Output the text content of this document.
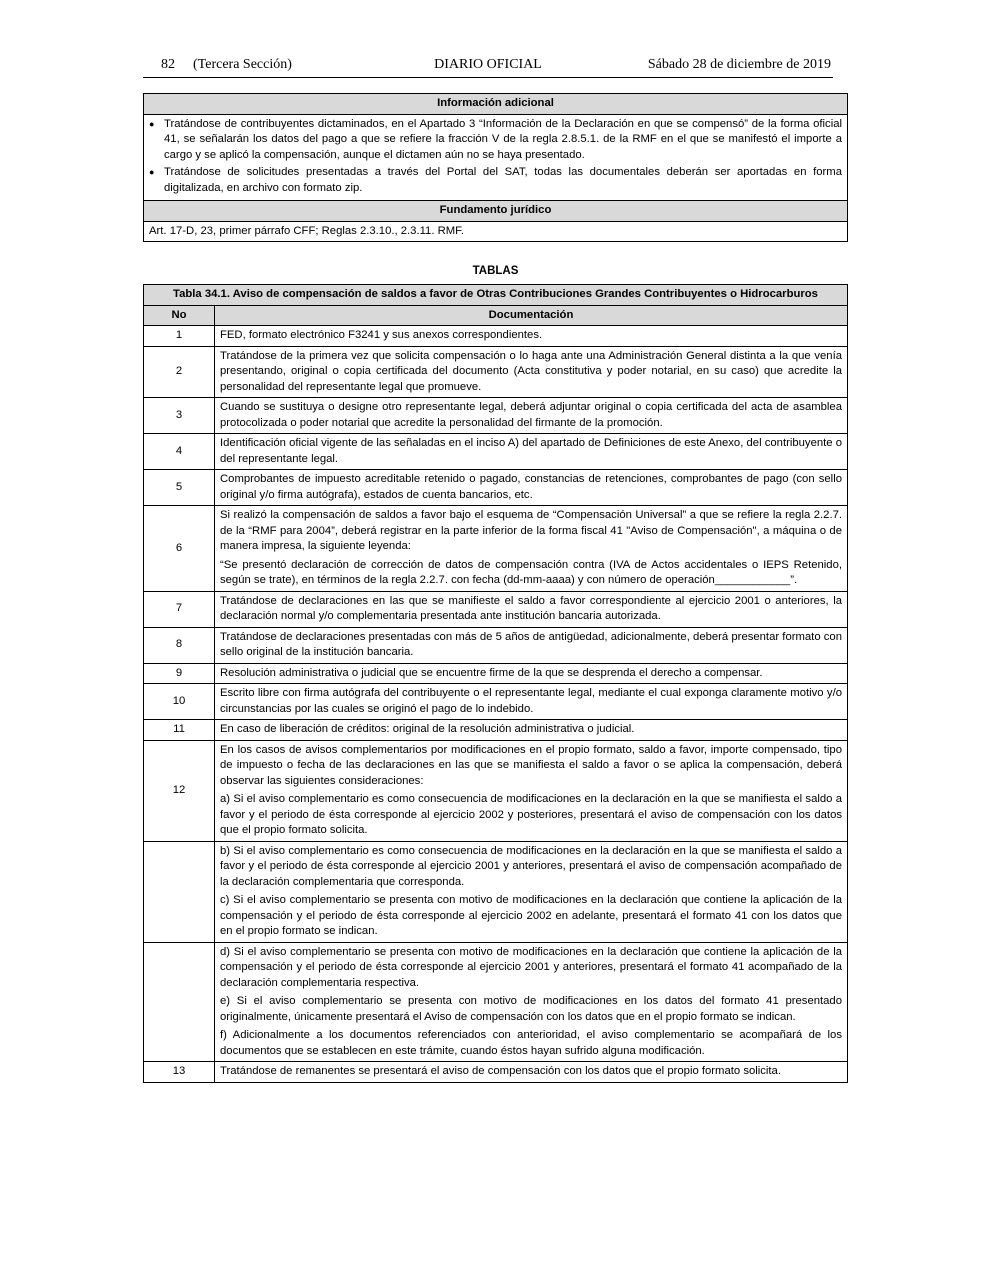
82 (Tercera Sección)	DIARIO OFICIAL	Sábado 28 de diciembre de 2019
Información adicional

● Tratándose de contribuyentes dictaminados, en el Apartado 3 “Información de la Declaración en que se compensó” de la forma oficial 41, se señalarán los datos del pago a que se refiere la fracción V de la regla 2.8.5.1. de la RMF en el que se manifestó el importe a cargo y se aplicó la compensación, aunque el dictamen aún no se haya presentado.
● Tratándose de solicitudes presentadas a través del Portal del SAT, todas las documentales deberán ser aportadas en forma digitalizada, en archivo con formato zip.

Fundamento jurídico
Art. 17-D, 23, primer párrafo CFF; Reglas 2.3.10., 2.3.11. RMF.
TABLAS
Tabla 34.1. Aviso de compensación de saldos a favor de Otras Contribuciones Grandes Contribuyentes o Hidrocarburos	
No	Documentación
1	FED, formato electrónico F3241 y sus anexos correspondientes.

2	Tratándose de la primera vez que solicita compensación o lo haga ante una Administración General distinta a la que venía presentando, original o copia certificada del documento (Acta constitutiva y poder notarial, en su caso) que acredite la personalidad del representante legal que promueve.

3	Cuando se sustituya o designe otro representante legal, deberá adjuntar original o copia certificada del acta de asamblea protocolizada o poder notarial que acredite la personalidad del firmante de la promoción.

4	Identificación oficial vigente de las señaladas en el inciso A) del apartado de Definiciones de este Anexo, del contribuyente o del representante legal.

5	Comprobantes de impuesto acreditable retenido o pagado, constancias de retenciones, comprobantes de pago (con sello original y/o firma autógrafa), estados de cuenta bancarios, etc.

6	Si realizó la compensación de saldos a favor bajo el esquema de “Compensación Universal” a que se refiere la regla 2.2.7. de la “RMF para 2004”, deberá registrar en la parte inferior de la forma fiscal 41 "Aviso de Compensación", a máquina o de manera impresa, la siguiente leyenda:

“Se presentó declaración de corrección de datos de compensación contra (IVA de Actos accidentales o IEPS Retenido, según se trate), en términos de la regla 2.2.7. con fecha (dd-mm-aaaa) y con número de operación____________”.

7	Tratándose de declaraciones en las que se manifieste el saldo a favor correspondiente al ejercicio 2001 o anteriores, la declaración normal y/o complementaria presentada ante institución bancaria autorizada.

8	Tratándose de declaraciones presentadas con más de 5 años de antigüedad, adicionalmente, deberá presentar formato con sello original de la institución bancaria.

9	Resolución administrativa o judicial que se encuentre firme de la que se desprenda el derecho a compensar.

10	Escrito libre con firma autógrafa del contribuyente o el representante legal, mediante el cual exponga claramente motivo y/o circunstancias por las cuales se originó el pago de lo indebido.

11	En caso de liberación de créditos: original de la resolución administrativa o judicial.

12	En los casos de avisos complementarios por modificaciones en el propio formato, saldo a favor, importe compensado, tipo de impuesto o fecha de las declaraciones en las que se manifiesta el saldo a favor o se aplica la compensación, deberá observar las siguientes consideraciones:

a) Si el aviso complementario es como consecuencia de modificaciones en la declaración en la que se manifiesta el saldo a favor y el periodo de ésta corresponde al ejercicio 2002 y posteriores, presentará el aviso de compensación con los datos que el propio formato solicita.

	b) Si el aviso complementario es como consecuencia de modificaciones en la declaración en la que se manifiesta el saldo a favor y el periodo de ésta corresponde al ejercicio 2001 y anteriores, presentará el aviso de compensación acompañado de la declaración complementaria que corresponda.

c) Si el aviso complementario se presenta con motivo de modificaciones en la declaración que contiene la aplicación de la compensación y el periodo de ésta corresponde al ejercicio 2002 en adelante, presentará el formato 41 con los datos que en el propio formato se indican.

	d) Si el aviso complementario se presenta con motivo de modificaciones en la declaración que contiene la aplicación de la compensación y el periodo de ésta corresponde al ejercicio 2001 y anteriores, presentará el formato 41 acompañado de la declaración complementaria respectiva.

e) Si el aviso complementario se presenta con motivo de modificaciones en los datos del formato 41 presentado originalmente, únicamente presentará el Aviso de compensación con los datos que en el propio formato se indican.

f) Adicionalmente a los documentos referenciados con anterioridad, el aviso complementario se acompañará de los documentos que se establecen en este trámite, cuando éstos hayan sufrido alguna modificación.

13	Tratándose de remanentes se presentará el aviso de compensación con los datos que el propio formato solicita.
